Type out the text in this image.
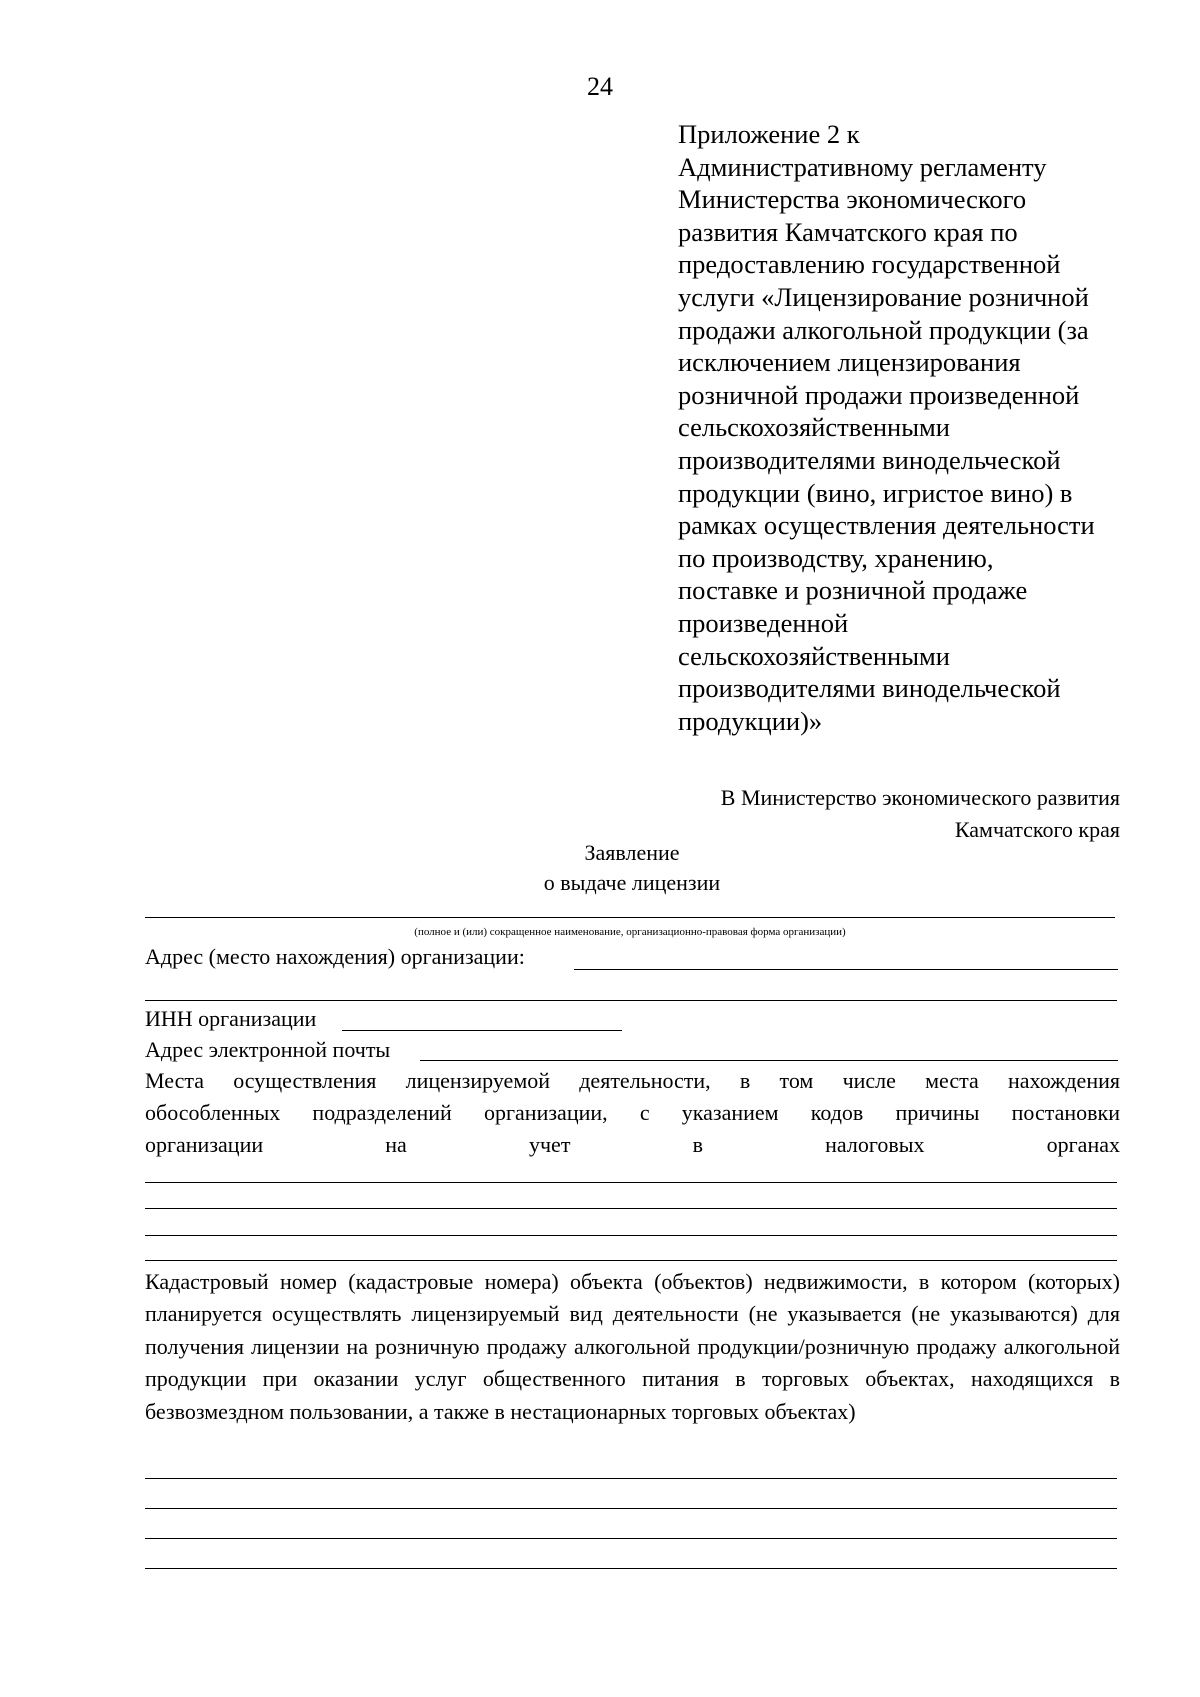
24
Приложение 2 к
Административному регламенту
Министерства экономического
развития Камчатского края по
предоставлению государственной
услуги «Лицензирование розничной
продажи алкогольной продукции (за
исключением лицензирования
розничной продажи произведенной
сельскохозяйственными
производителями винодельческой
продукции (вино, игристое вино) в
рамках осуществления деятельности
по производству, хранению,
поставке и розничной продаже
произведенной
сельскохозяйственными
производителями винодельческой
продукции)»
В Министерство экономического развития
Камчатского края
Заявление
о выдаче лицензии
(полное и (или) сокращенное наименование, организационно-правовая форма организации)
Адрес (место нахождения) организации:
ИНН организации
Адрес электронной почты
Места осуществления лицензируемой деятельности, в том числе места нахождения
обособленных подразделений организации, с указанием кодов причины постановки
организации	на	учет	в	налоговых	органах
Кадастровый номер (кадастровые номера) объекта (объектов) недвижимости, в котором (которых) планируется осуществлять лицензируемый вид деятельности (не указывается (не указываются) для получения лицензии на розничную продажу алкогольной продукции/розничную продажу алкогольной продукции при оказании услуг общественного питания в торговых объектах, находящихся в безвозмездном пользовании, а также в нестационарных торговых объектах)
